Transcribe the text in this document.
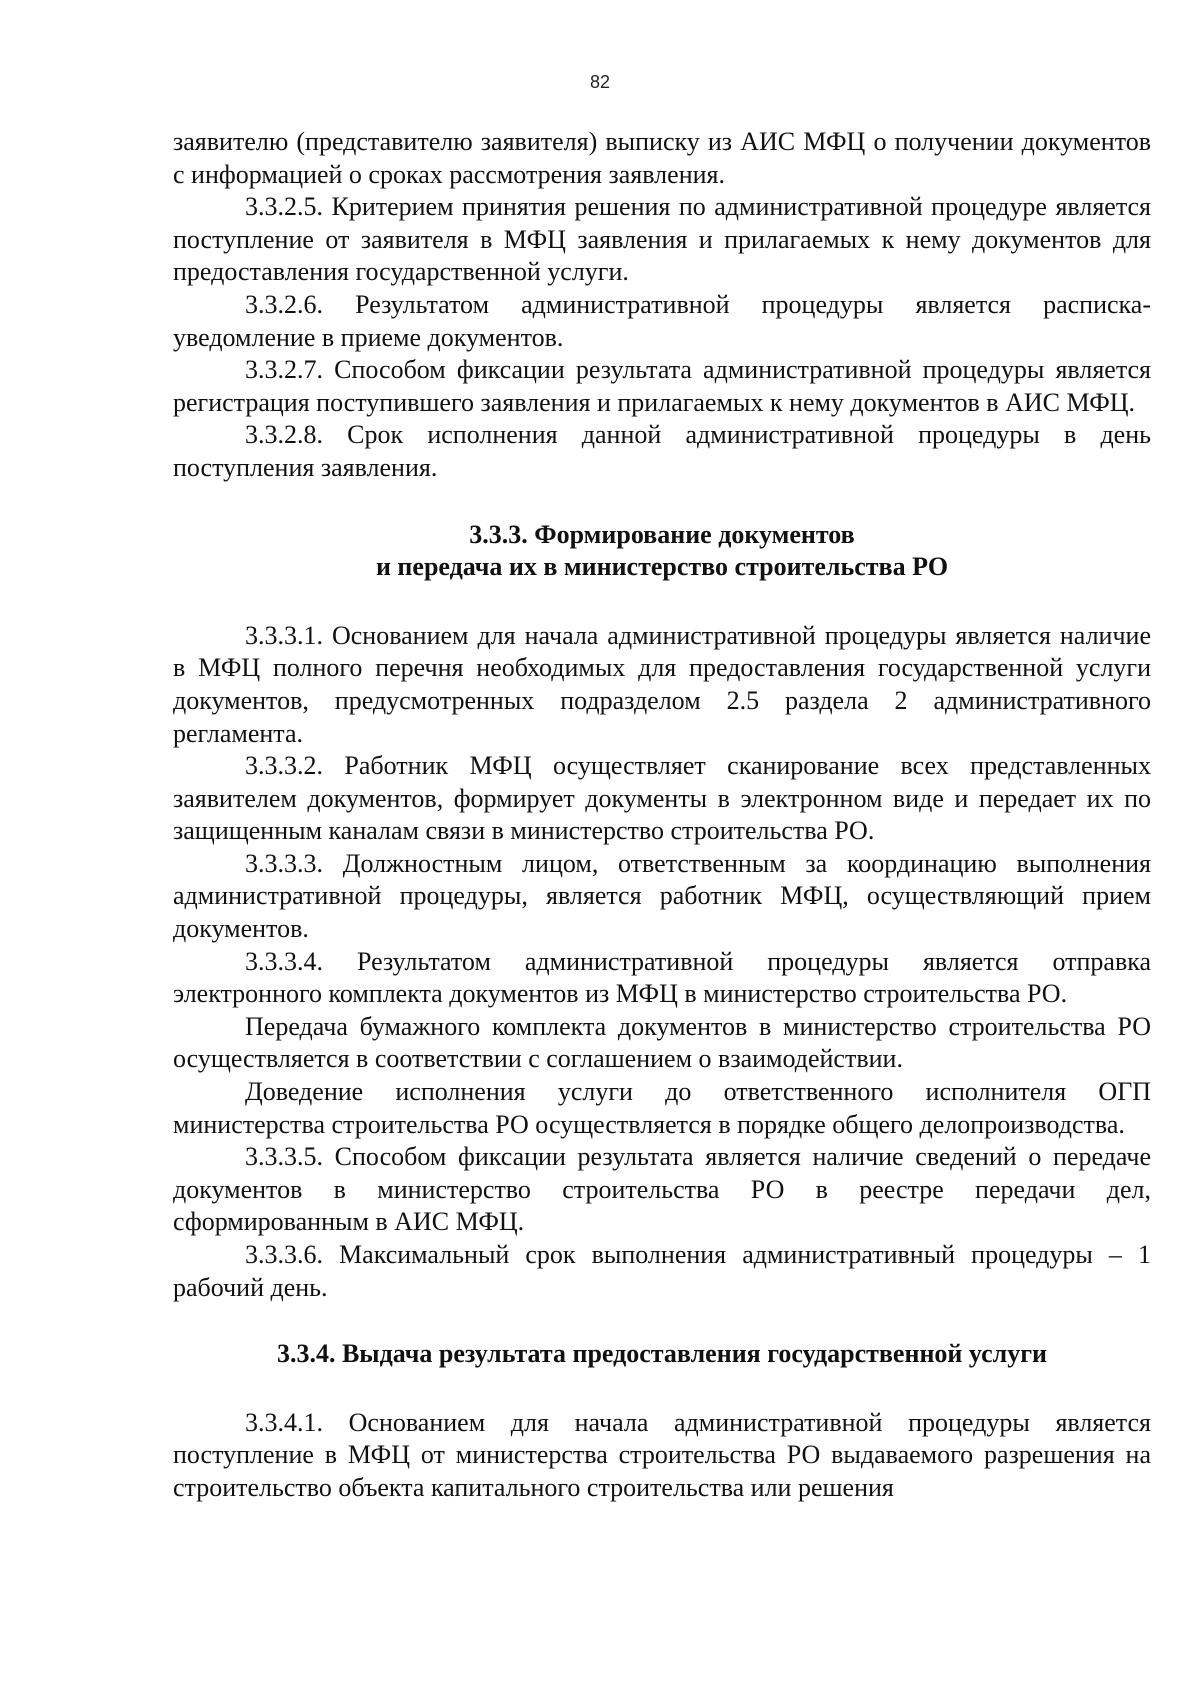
82

заявителю (представителю заявителя) выписку из АИС МФЦ о получении документов с информацией о сроках рассмотрения заявления.

3.3.2.5. Критерием принятия решения по административной процедуре является поступление от заявителя в МФЦ заявления и прилагаемых к нему документов для предоставления государственной услуги.

3.3.2.6. Результатом административной процедуры является расписка-уведомление в приеме документов.

3.3.2.7. Способом фиксации результата административной процедуры является регистрация поступившего заявления и прилагаемых к нему документов в АИС МФЦ.

3.3.2.8. Срок исполнения данной административной процедуры в день поступления заявления.

3.3.3. Формирование документов
и передача их в министерство строительства РО

3.3.3.1. Основанием для начала административной процедуры является наличие в МФЦ полного перечня необходимых для предоставления государственной услуги документов, предусмотренных подразделом 2.5 раздела 2 административного регламента.

3.3.3.2. Работник МФЦ осуществляет сканирование всех представленных заявителем документов, формирует документы в электронном виде и передает их по защищенным каналам связи в министерство строительства РО.

3.3.3.3. Должностным лицом, ответственным за координацию выполнения административной процедуры, является работник МФЦ, осуществляющий прием документов.

3.3.3.4. Результатом административной процедуры является отправка электронного комплекта документов из МФЦ в министерство строительства РО.

Передача бумажного комплекта документов в министерство строительства РО осуществляется в соответствии с соглашением о взаимодействии.

Доведение исполнения услуги до ответственного исполнителя ОГП министерства строительства РО осуществляется в порядке общего делопроизводства.

3.3.3.5. Способом фиксации результата является наличие сведений о передаче документов в министерство строительства РО в реестре передачи дел, сформированным в АИС МФЦ.

3.3.3.6. Максимальный срок выполнения административный процедуры – 1 рабочий день.

3.3.4. Выдача результата предоставления государственной услуги

3.3.4.1. Основанием для начала административной процедуры является поступление в МФЦ от министерства строительства РО выдаваемого разрешения на строительство объекта капитального строительства или решения
